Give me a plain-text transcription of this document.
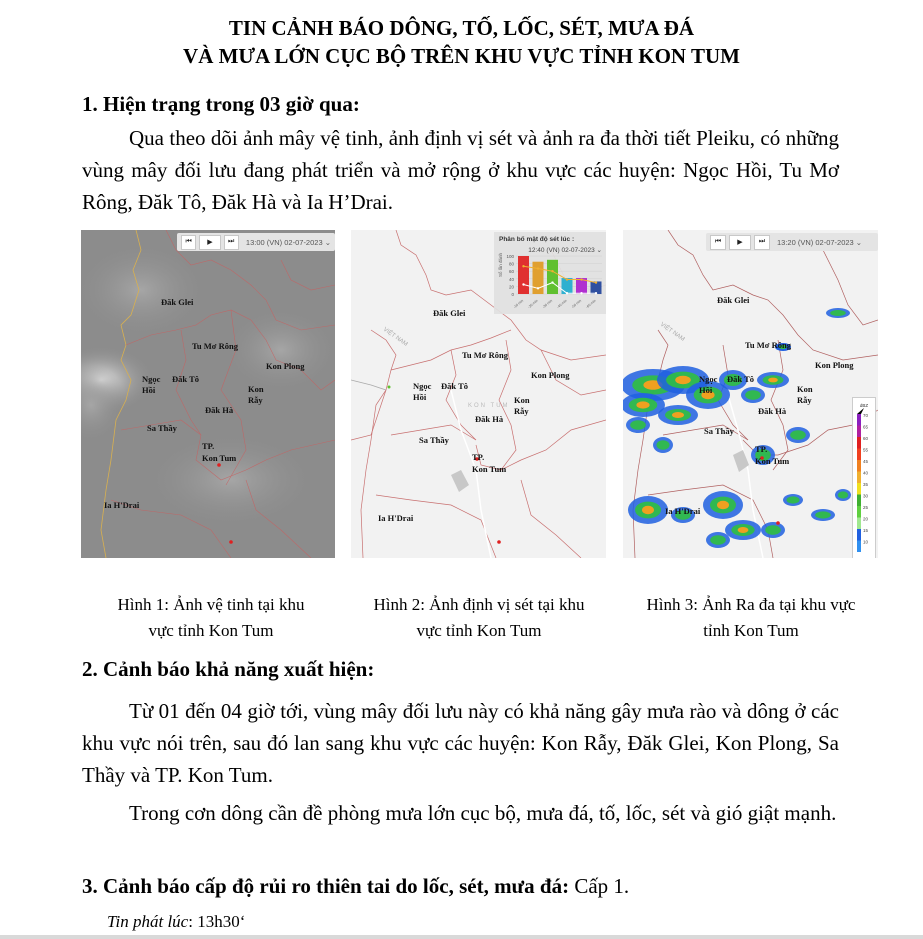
TIN CẢNH BÁO DÔNG, TỐ, LỐC, SÉT, MƯA ĐÁ
VÀ MƯA LỚN CỤC BỘ TRÊN KHU VỰC TỈNH KON TUM
1. Hiện trạng trong 03 giờ qua:
Qua theo dõi ảnh mây vệ tinh, ảnh định vị sét và ảnh ra đa thời tiết Pleiku, có những vùng mây đối lưu đang phát triển và mở rộng ở khu vực các huyện: Ngọc Hồi, Tu Mơ Rông, Đăk Tô, Đăk Hà và Ia H’Drai.
Đăk Glei
Tu Mơ Rông
Kon Plong
Ngọc
Hồi
Đăk Tô
Kon
Rẫy
Đăk Hà
Sa Thầy
TP.
Kon Tum
Ia H'Drai
⏮	▶	⏭	13:00 (VN) 02-07-2023 ⌄
VIỆT NAM
KON TUM
Đăk Glei
Tu Mơ Rông
Kon Plong
Ngọc
Hồi
Đăk Tô
Kon
Rẫy
Đăk Hà
Sa Thầy
TP.
Kon Tum
Ia H'Drai
Phân bố mật độ sét lúc :
12:40 (VN) 02-07-2023 ⌄
0
20
40
60
80
100
Số lần đánh
-10 min -20 min -30 min -40 min -50 min -60 min
VIỆT NAM
Đăk Glei
Tu Mơ Rông
Kon Plong
Ngọc
Hồi
Đăk Tô
Kon
Rẫy
Đăk Hà
Sa Thầy
TP.
Kon Tum
Ia H'Drai
⏮	▶	⏭	13:20 (VN) 02-07-2023 ⌄
dBZ
70
65
60
55
45
40
35
30
25
20
15
10
Hình 1: Ảnh vệ tinh tại khu
vực tỉnh Kon Tum
Hình 2: Ảnh định vị sét tại khu
vực tỉnh Kon Tum
Hình 3: Ảnh Ra đa tại khu vực
tỉnh Kon Tum
2. Cảnh báo khả năng xuất hiện:
Từ 01 đến 04 giờ tới, vùng mây đối lưu này có khả năng gây mưa rào và dông ở các khu vực nói trên, sau đó lan sang khu vực các huyện: Kon Rẫy, Đăk Glei, Kon Plong, Sa Thầy và TP. Kon Tum.
Trong cơn dông cần đề phòng mưa lớn cục bộ, mưa đá, tố, lốc, sét và gió giật mạnh.
3. Cảnh báo cấp độ rủi ro thiên tai do lốc, sét, mưa đá: Cấp 1.
Tin phát lúc: 13h30‘
